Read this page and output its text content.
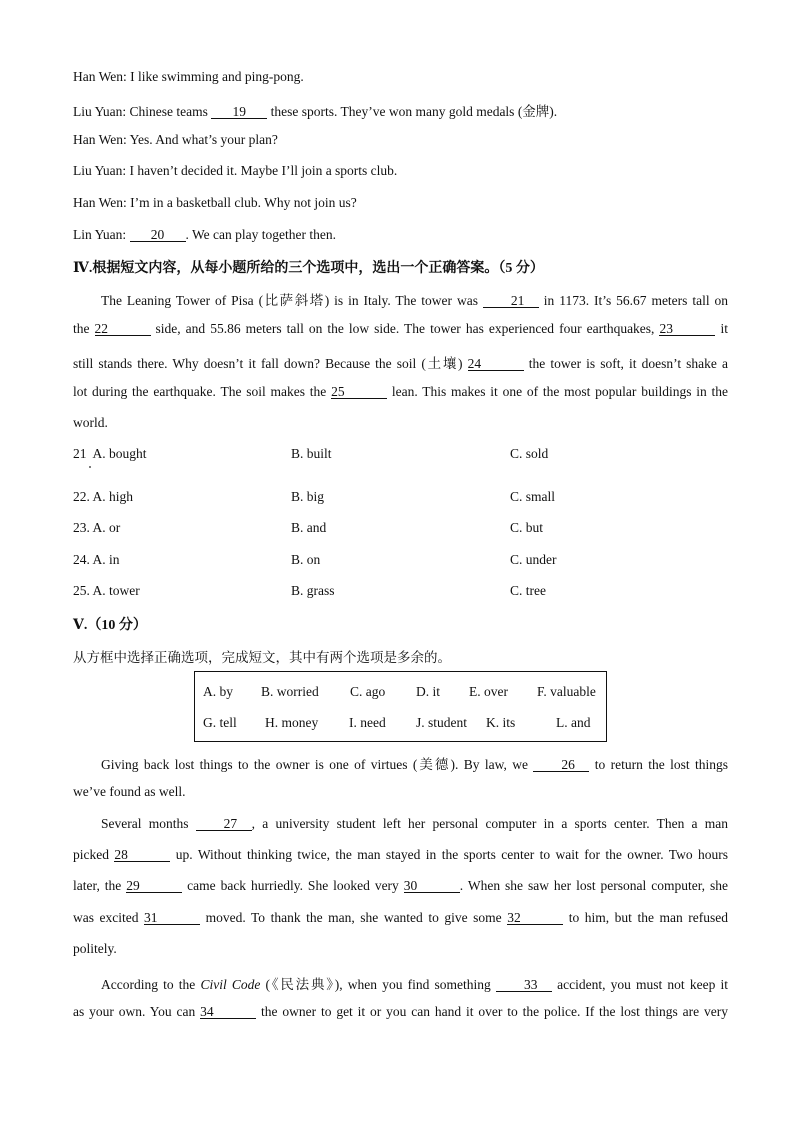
Han Wen: I like swimming and ping-pong.
Liu Yuan: Chinese teams 19 these sports. They’ve won many gold medals (金牌).
Han Wen: Yes. And what’s your plan?
Liu Yuan: I haven’t decided it. Maybe I’ll join a sports club.
Han Wen: I’m in a basketball club. Why not join us?
Lin Yuan: 20 . We can play together then.
Ⅳ.根据短文内容，从每小题所给的三个选项中，选出一个正确答案。（5 分）
The Leaning Tower of Pisa (比萨斜塔) is in Italy. The tower was 21 in 1173. It’s 56.67 meters tall on
the 22	side, and 55.86 meters tall on the low side. The tower has experienced four earthquakes, 23	it
still stands there. Why doesn’t it fall down? Because the soil (土壤) 24	the tower is soft, it doesn’t shake a
lot during the earthquake. The soil makes the 25	lean. This makes it one of the most popular buildings in the
world.
21 A. bought	B. built	C. sold
22. A. high	B. big	C. small
23. A. or	B. and	C. but
24. A. in	B. on	C. under
25. A. tower	B. grass	C. tree
Ⅴ.（10 分）
从方框中选择正确选项，完成短文，其中有两个选项是多余的。
A. by B. worried C. ago D. it E. over F. valuable
G. tell H. money I. need J. student K. its	L. and
Giving back lost things to the owner is one of virtues (美德). By law, we 26 to return the lost things
we’ve found as well.
Several months 27 , a university student left her personal computer in a sports center. Then a man
picked 28	up. Without thinking twice, the man stayed in the sports center to wait for the owner. Two hours
later, the 29	came back hurriedly. She looked very 30	. When she saw her lost personal computer, she
was excited 31	moved. To thank the man, she wanted to give some 32	to him, but the man refused
politely.
According to the Civil Code (《民法典》), when you find something 33 accident, you must not keep it
as your own. You can 34	the owner to get it or you can hand it over to the police. If the lost things are very
